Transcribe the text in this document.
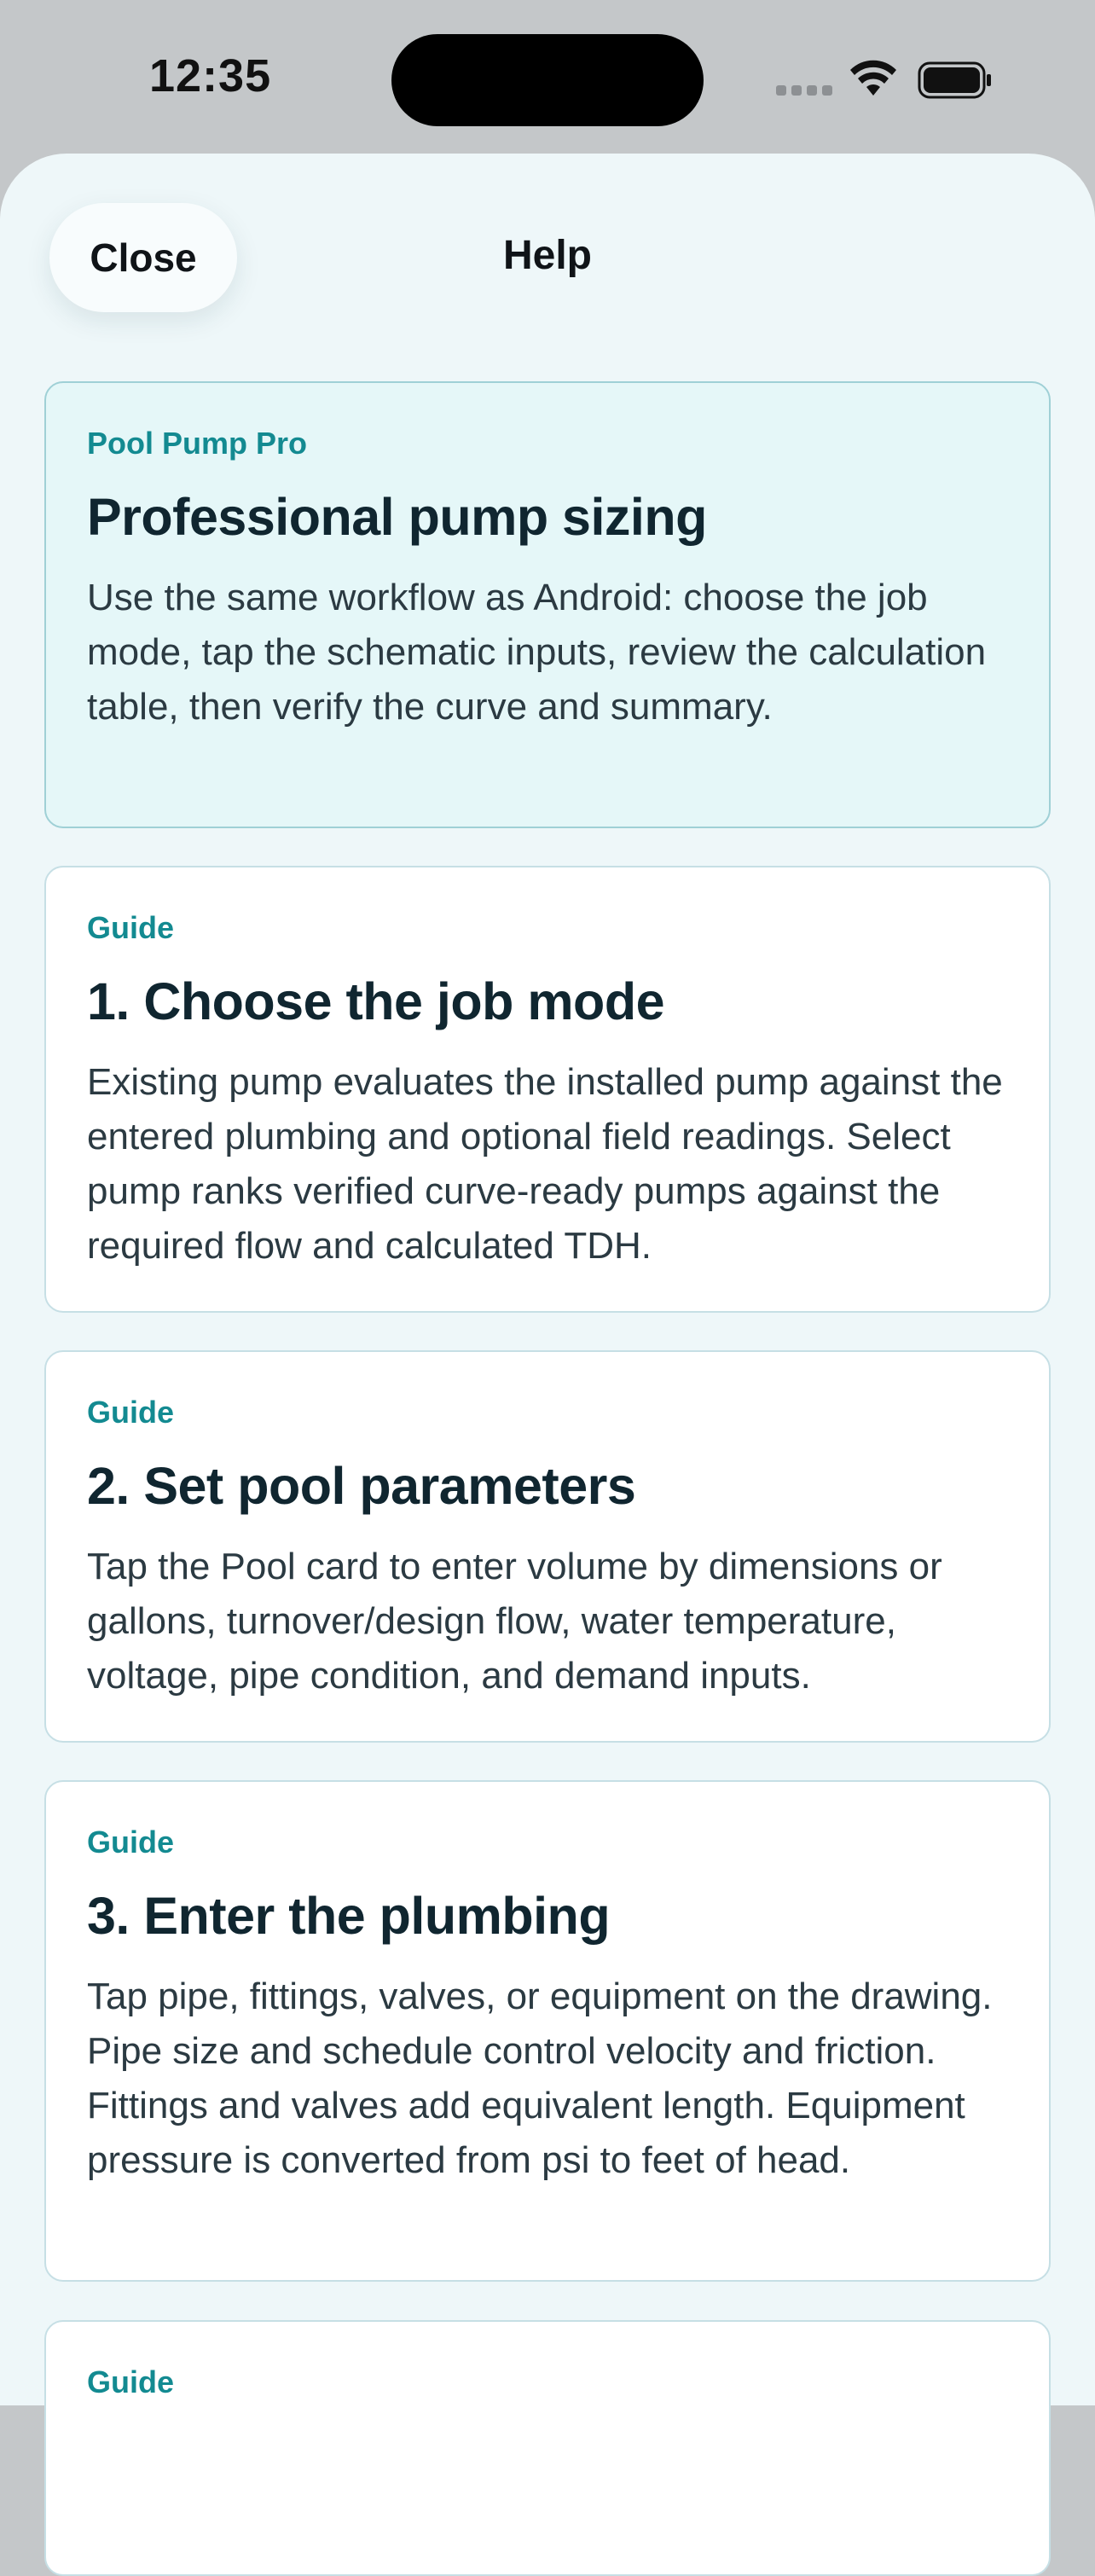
12:35
Close	Help
Pool Pump Pro
Professional pump sizing
Use the same workflow as Android: choose the job mode, tap the schematic inputs, review the calculation table, then verify the curve and summary.
Guide
1. Choose the job mode
Existing pump evaluates the installed pump against the entered plumbing and optional field readings. Select pump ranks verified curve-ready pumps against the required flow and calculated TDH.
Guide
2. Set pool parameters
Tap the Pool card to enter volume by dimensions or gallons, turnover/design flow, water temperature, voltage, pipe condition, and demand inputs.
Guide
3. Enter the plumbing
Tap pipe, fittings, valves, or equipment on the drawing. Pipe size and schedule control velocity and friction. Fittings and valves add equivalent length. Equipment pressure is converted from psi to feet of head.
Guide
